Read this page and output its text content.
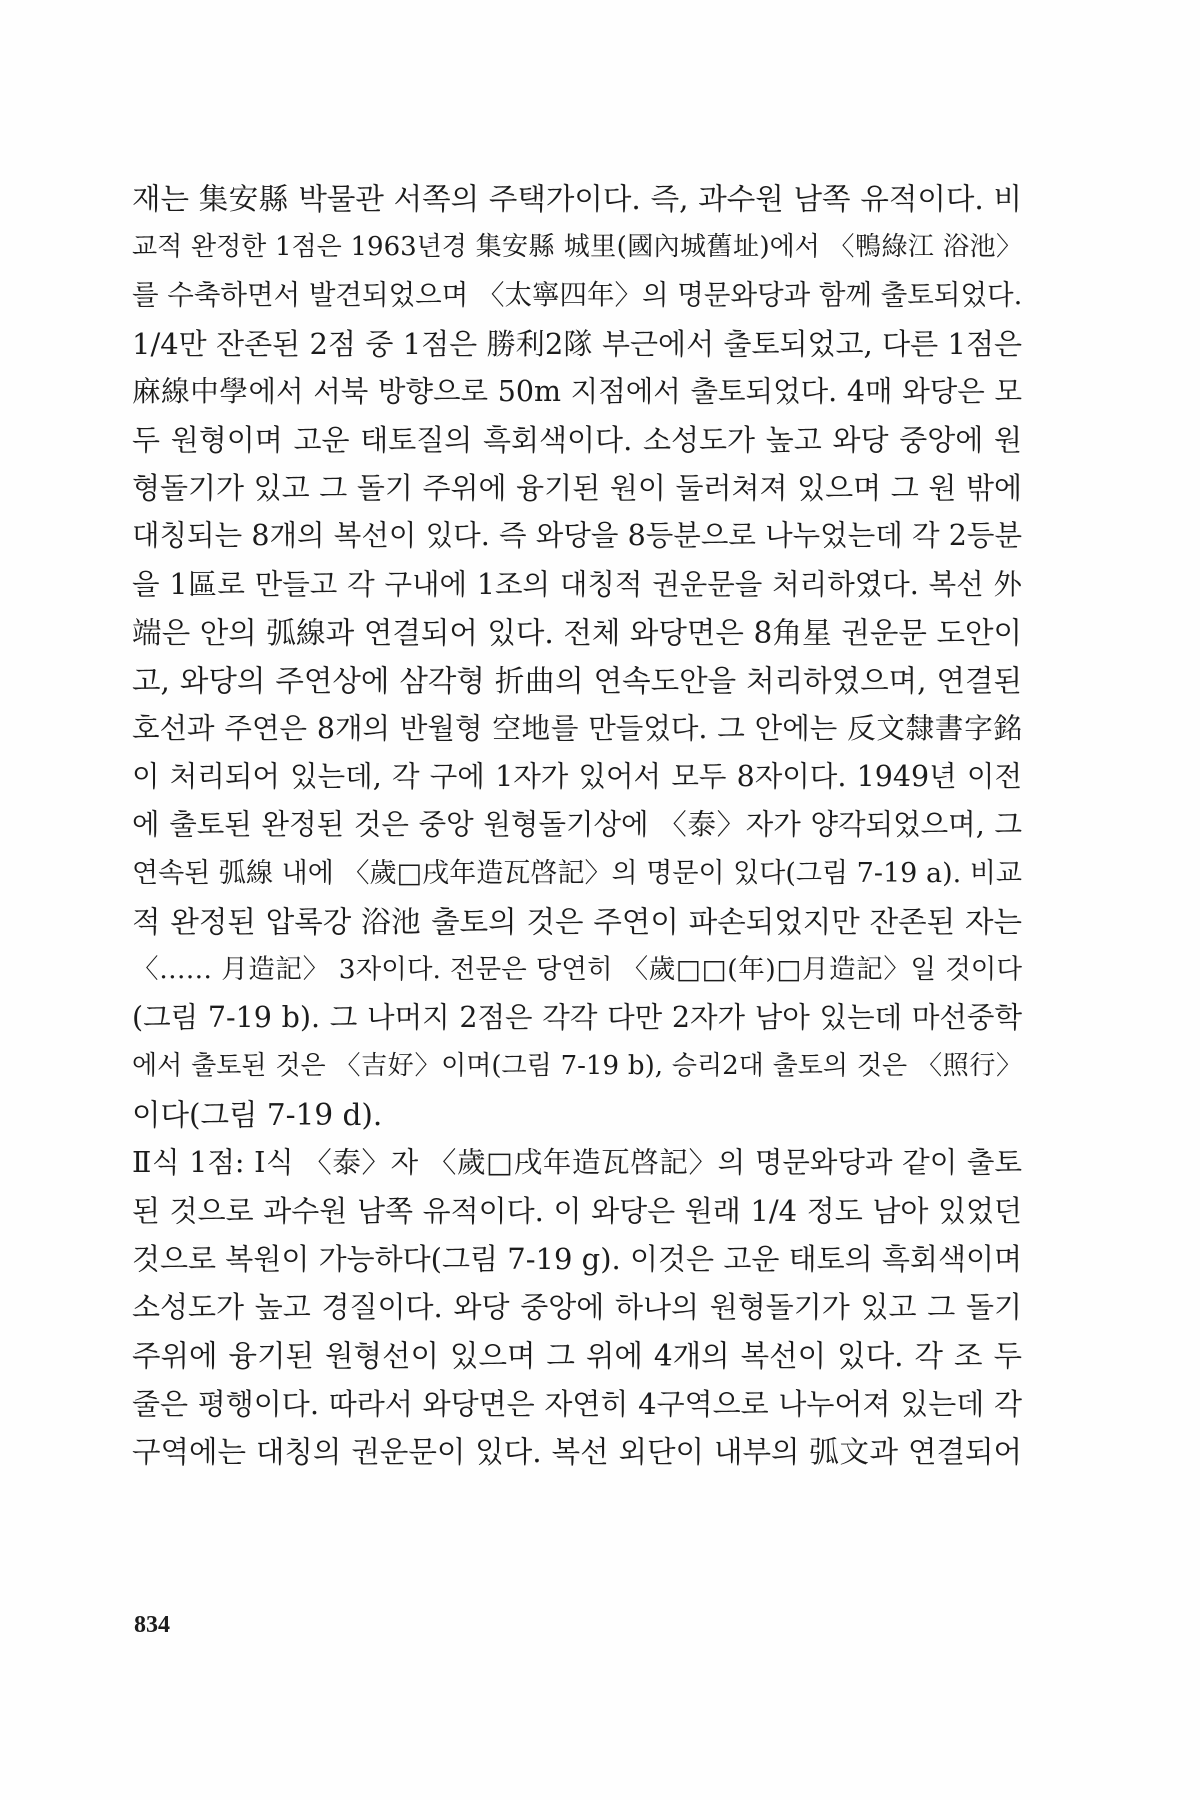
재는 集安縣 박물관 서쪽의 주택가이다. 즉, 과수원 남쪽 유적이다. 비
교적 완정한 1점은 1963년경 集安縣 城里(國內城舊址)에서 〈鴨綠江 浴池〉
를 수축하면서 발견되었으며 〈太寧四年〉의 명문와당과 함께 출토되었다.
1/4만 잔존된 2점 중 1점은 勝利2隊 부근에서 출토되었고, 다른 1점은
麻線中學에서 서북 방향으로 50m 지점에서 출토되었다. 4매 와당은 모
두 원형이며 고운 태토질의 흑회색이다. 소성도가 높고 와당 중앙에 원
형돌기가 있고 그 돌기 주위에 융기된 원이 둘러쳐져 있으며 그 원 밖에
대칭되는 8개의 복선이 있다. 즉 와당을 8등분으로 나누었는데 각 2등분
을 1區로 만들고 각 구내에 1조의 대칭적 권운문을 처리하였다. 복선 外
端은 안의 弧線과 연결되어 있다. 전체 와당면은 8角星 권운문 도안이
고, 와당의 주연상에 삼각형 折曲의 연속도안을 처리하였으며, 연결된
호선과 주연은 8개의 반월형 空地를 만들었다. 그 안에는 反文隸書字銘
이 처리되어 있는데, 각 구에 1자가 있어서 모두 8자이다. 1949년 이전
에 출토된 완정된 것은 중앙 원형돌기상에 〈泰〉자가 양각되었으며, 그
연속된 弧線 내에 〈歲□戌年造瓦啓記〉의 명문이 있다(그림 7-19 a). 비교
적 완정된 압록강 浴池 출토의 것은 주연이 파손되었지만 잔존된 자는
〈…… 月造記〉 3자이다. 전문은 당연히 〈歲□□(年)□月造記〉일 것이다
(그림 7-19 b). 그 나머지 2점은 각각 다만 2자가 남아 있는데 마선중학
에서 출토된 것은 〈吉好〉이며(그림 7-19 b), 승리2대 출토의 것은 〈照行〉
이다(그림 7-19 d).
Ⅱ식 1점: Ⅰ식 〈泰〉자 〈歲□戌年造瓦啓記〉의 명문와당과 같이 출토
된 것으로 과수원 남쪽 유적이다. 이 와당은 원래 1/4 정도 남아 있었던
것으로 복원이 가능하다(그림 7-19 g). 이것은 고운 태토의 흑회색이며
소성도가 높고 경질이다. 와당 중앙에 하나의 원형돌기가 있고 그 돌기
주위에 융기된 원형선이 있으며 그 위에 4개의 복선이 있다. 각 조 두
줄은 평행이다. 따라서 와당면은 자연히 4구역으로 나누어져 있는데 각
구역에는 대칭의 권운문이 있다. 복선 외단이 내부의 弧文과 연결되어
834
